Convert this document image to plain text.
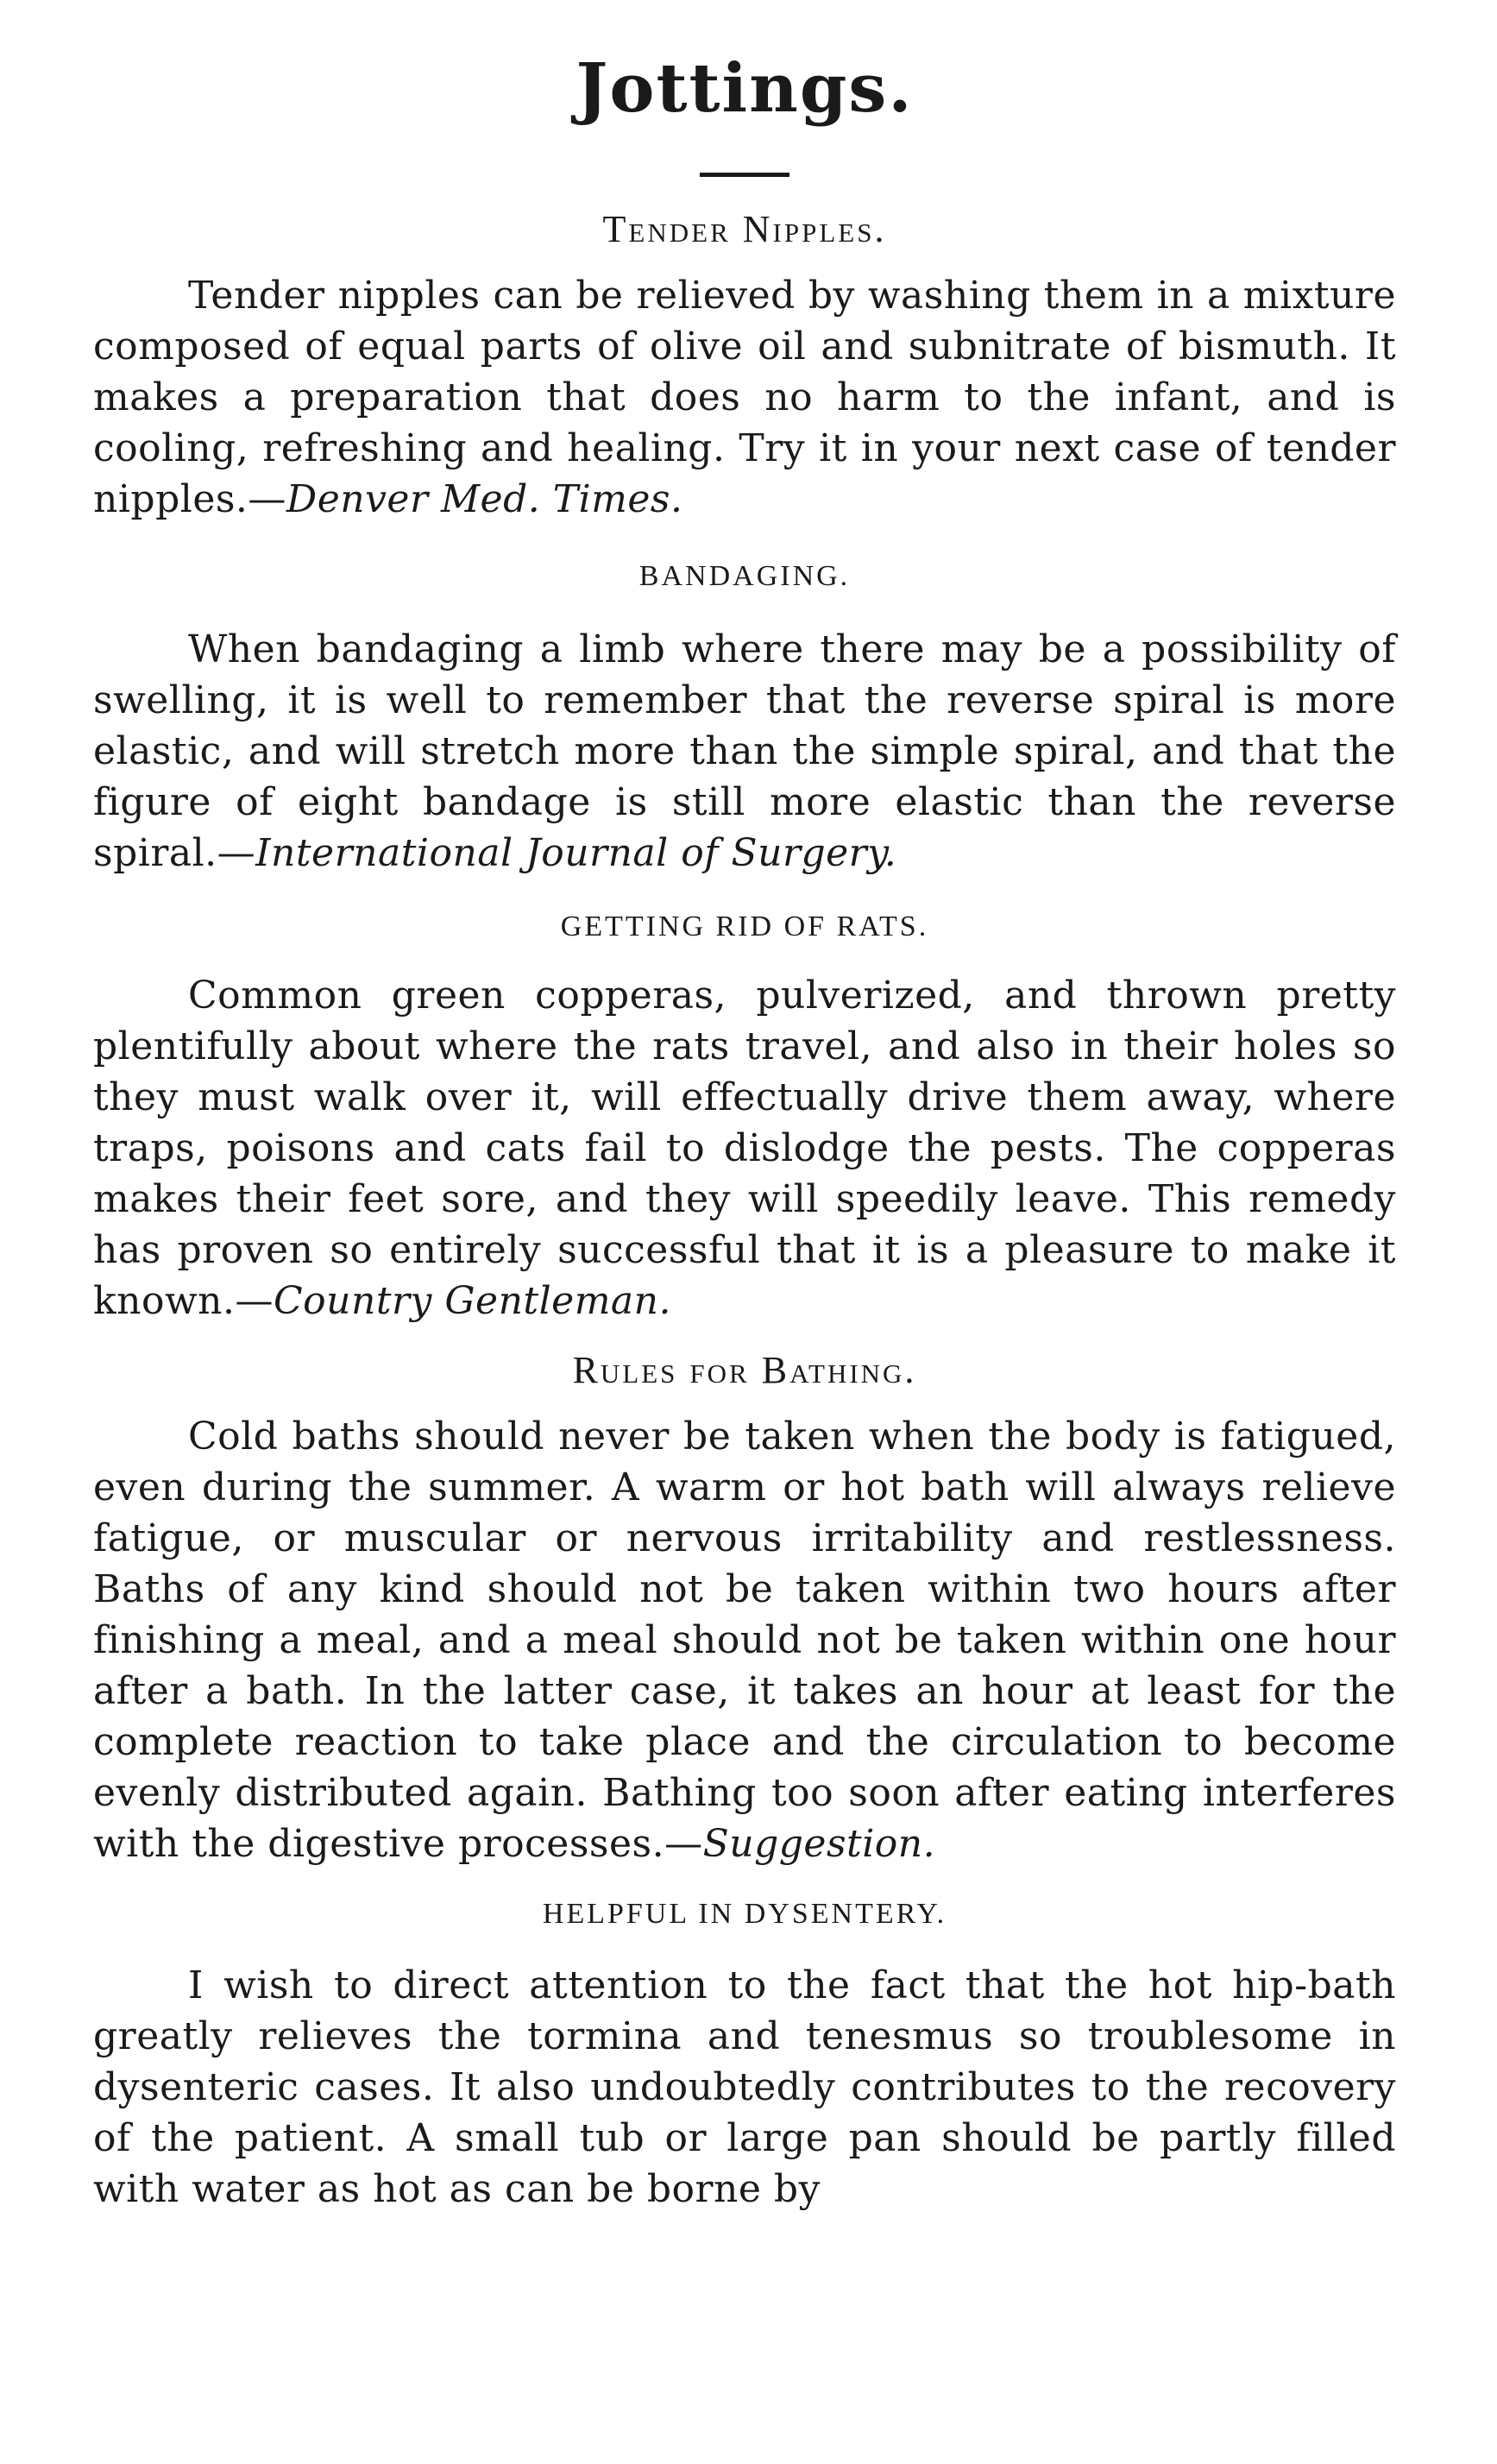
Jottings.
Tender Nipples.

Tender nipples can be relieved by washing them in a mixture composed of equal parts of olive oil and subnitrate of bismuth. It makes a preparation that does no harm to the infant, and is cooling, refreshing and healing. Try it in your next case of tender nipples.—Denver Med. Times.

BANDAGING.

When bandaging a limb where there may be a possibility of swelling, it is well to remember that the reverse spiral is more elastic, and will stretch more than the simple spiral, and that the figure of eight bandage is still more elastic than the reverse spiral.—International Journal of Surgery.

GETTING RID OF RATS.

Common green copperas, pulverized, and thrown pretty plentifully about where the rats travel, and also in their holes so they must walk over it, will effectually drive them away, where traps, poisons and cats fail to dislodge the pests. The copperas makes their feet sore, and they will speedily leave. This remedy has proven so entirely successful that it is a pleasure to make it known.—Country Gentleman.

Rules for Bathing.

Cold baths should never be taken when the body is fatigued, even during the summer. A warm or hot bath will always relieve fatigue, or muscular or nervous irritability and restlessness. Baths of any kind should not be taken within two hours after finishing a meal, and a meal should not be taken within one hour after a bath. In the latter case, it takes an hour at least for the complete reaction to take place and the circulation to become evenly distributed again. Bathing too soon after eating interferes with the digestive processes.—Suggestion.

HELPFUL IN DYSENTERY.

I wish to direct attention to the fact that the hot hip-bath greatly relieves the tormina and tenesmus so troublesome in dysenteric cases. It also undoubtedly contributes to the recovery of the patient. A small tub or large pan should be partly filled with water as hot as can be borne by
